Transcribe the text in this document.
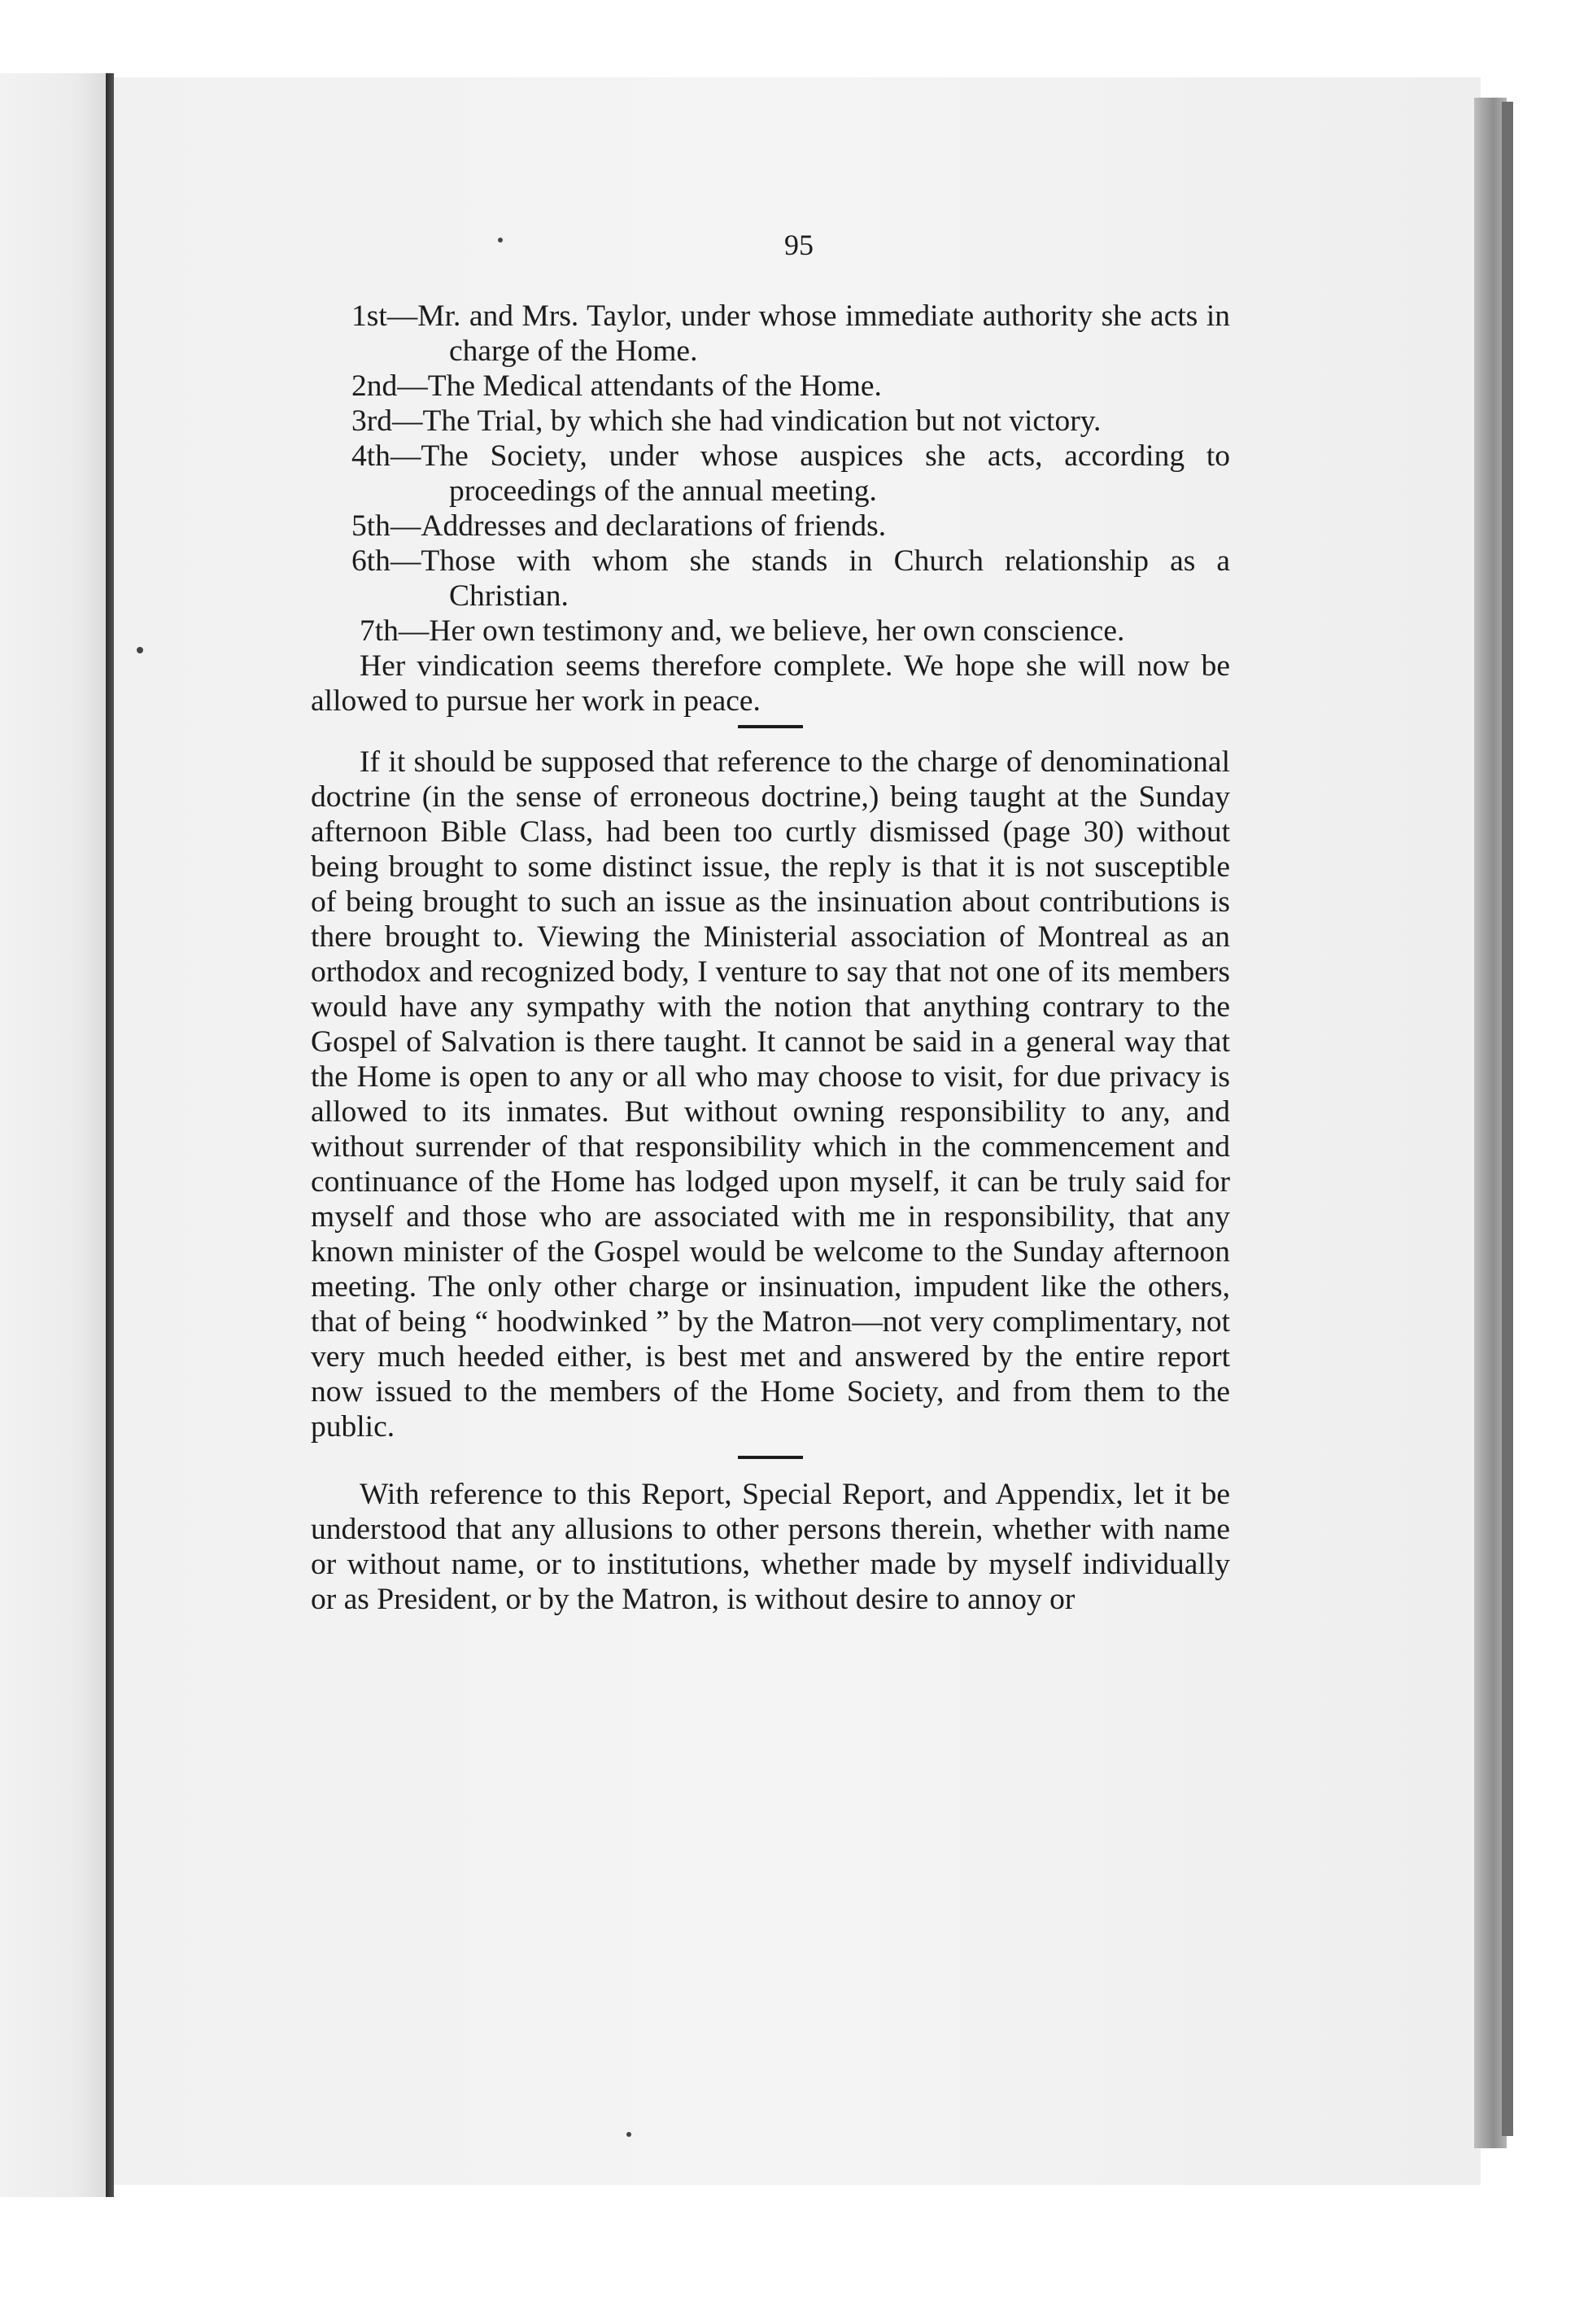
95

1st—Mr. and Mrs. Taylor, under whose immediate authority she acts in charge of the Home.

2nd—The Medical attendants of the Home.

3rd—The Trial, by which she had vindication but not victory.

4th—The Society, under whose auspices she acts, according to proceedings of the annual meeting.

5th—Addresses and declarations of friends.

6th—Those with whom she stands in Church relationship as a Christian.

7th—Her own testimony and, we believe, her own conscience.

Her vindication seems therefore complete. We hope she will now be allowed to pursue her work in peace.

If it should be supposed that reference to the charge of denominational doctrine (in the sense of erroneous doctrine,) being taught at the Sunday afternoon Bible Class, had been too curtly dismissed (page 30) without being brought to some distinct issue, the reply is that it is not susceptible of being brought to such an issue as the insinuation about contributions is there brought to. Viewing the Ministerial association of Montreal as an orthodox and recognized body, I venture to say that not one of its members would have any sympathy with the notion that anything contrary to the Gospel of Salvation is there taught. It cannot be said in a general way that the Home is open to any or all who may choose to visit, for due privacy is allowed to its inmates. But without owning responsibility to any, and without surrender of that responsibility which in the commencement and continuance of the Home has lodged upon myself, it can be truly said for myself and those who are associated with me in responsibility, that any known minister of the Gospel would be welcome to the Sunday afternoon meeting. The only other charge or insinuation, impudent like the others, that of being “ hoodwinked ” by the Matron—not very complimentary, not very much heeded either, is best met and answered by the entire report now issued to the members of the Home Society, and from them to the public.

With reference to this Report, Special Report, and Appendix, let it be understood that any allusions to other persons therein, whether with name or without name, or to institutions, whether made by myself individually or as President, or by the Matron, is without desire to annoy or
